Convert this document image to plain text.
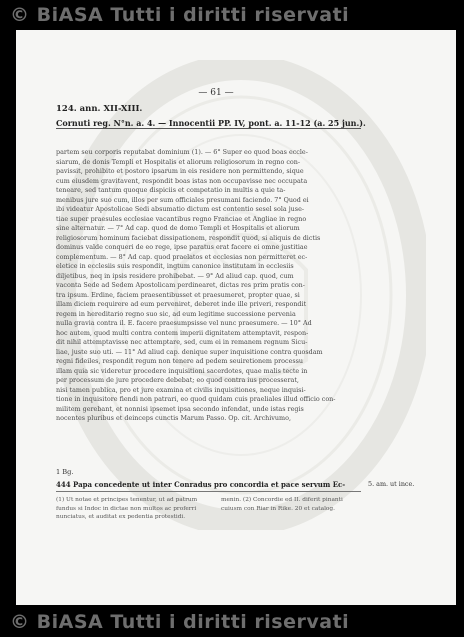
© BiASA Tutti i diritti riservati
— 61 —
124. ann. XII-XIII.
Cornuti reg. N°n. a. 4. — Innocentii PP. IV, pont. a. 11-12 (a. 25 jun.).
partem seu corporis reputabat dominium (1). — 6° Super eo quod boas eccle-
siarum, de donis Templi et Hospitalis et aliorum religiosorum in regno con-
pavissit, prohibito et postoro ipsarum in eis residere non permittendo, sique
cum eiusdem gravitavent, respondit boas istas non occupavisse nec occupata
teneare, sed tantum quoque dispiciis et competatio in multis a quie ta-
menibus jure suo cum, illos per sum officiales presumani faciendo. 7° Quod ei
ibi videatur Apostolicae Sedi absumatio dictum est contentio sesel sola juse-
tiae super praesules ecclesiae vacantibus regno Franciae et Angliae in regno
sine alternatur. — 7° Ad cap. quod de domo Templi et Hospitalis et aliorum
religiosorum hominum faciebat dissipationem, respondit quod, si aliquis de dictis
dominus valde conqueri de eo rege, ipse paratus erat facere ei omne justitiae
complementum. — 8° Ad cap. quod praelatos et ecclesias non permitteret ec-
eletice in ecclesiis suis respondit, ingtum canonice institutam in ecclesiis
diljetibus, neq in ipsis residere prohibebat. — 9° Ad aliud cap. quod, cum
vaconta Sede ad Sedem Apostolicam perdinearet, dictas res prim pratis con-
tra ipsum. Erdine, faciem praesentibusset et praesumeret, propter quae, si
illam diciem requirere ad eum perveniret, deberet inde ille priveri, respondit
regem in hereditario regno suo sic, ad eum legitime successione pervenia
nulla gravia contra il. E. facere praesumpsisse vel nunc praesumere. — 10° Ad
hoc autem, quod multi contra contem imperii dignitatem attemptavit, respon-
dit nihil attemptavisse nec attemptare, sed, cum ei in remanem regnum Sicu-
liae, juste suo uti. — 11° Ad aliud cap. denique super inquisitione contra quosdam
regni fideiles, respondit regum non tenere ad pedem seuiretionem processu
illam quia sic videretur procedere inquisitioni sacerdotes, quae malis tecte in
per processum de jure procedere debebat; eo quod contra ius processerat,
nisi tamen publica, pro et jure examina et civilis inquisitiones, neque inquisi-
tione in inquisitore fiendi non patrari, eo quod quidam cuis praeliales illud officio con-
militem gerebant, et nonnisi ipsemet ipsa secondo infendat, unde istas regis
nocentes pluribus et deinceps cunctis Marum Passo. Op. cit. Archivumo,
1 Bg.
444 Papa concedente ut inter Conradus pro concordia et pace servum Ec-	5. am. ut ince.
(1) Ut notae et principes tenentur, ut ad patrum fundus si Indoc in dictae non multos ac proferri nunciatus, et auditat ex pedentia protestidi.
menin. (2) Concordie ed II. diferit pinanti cuiusm con Riar in Rike. 20 et catalog.
© BiASA Tutti i diritti riservati
